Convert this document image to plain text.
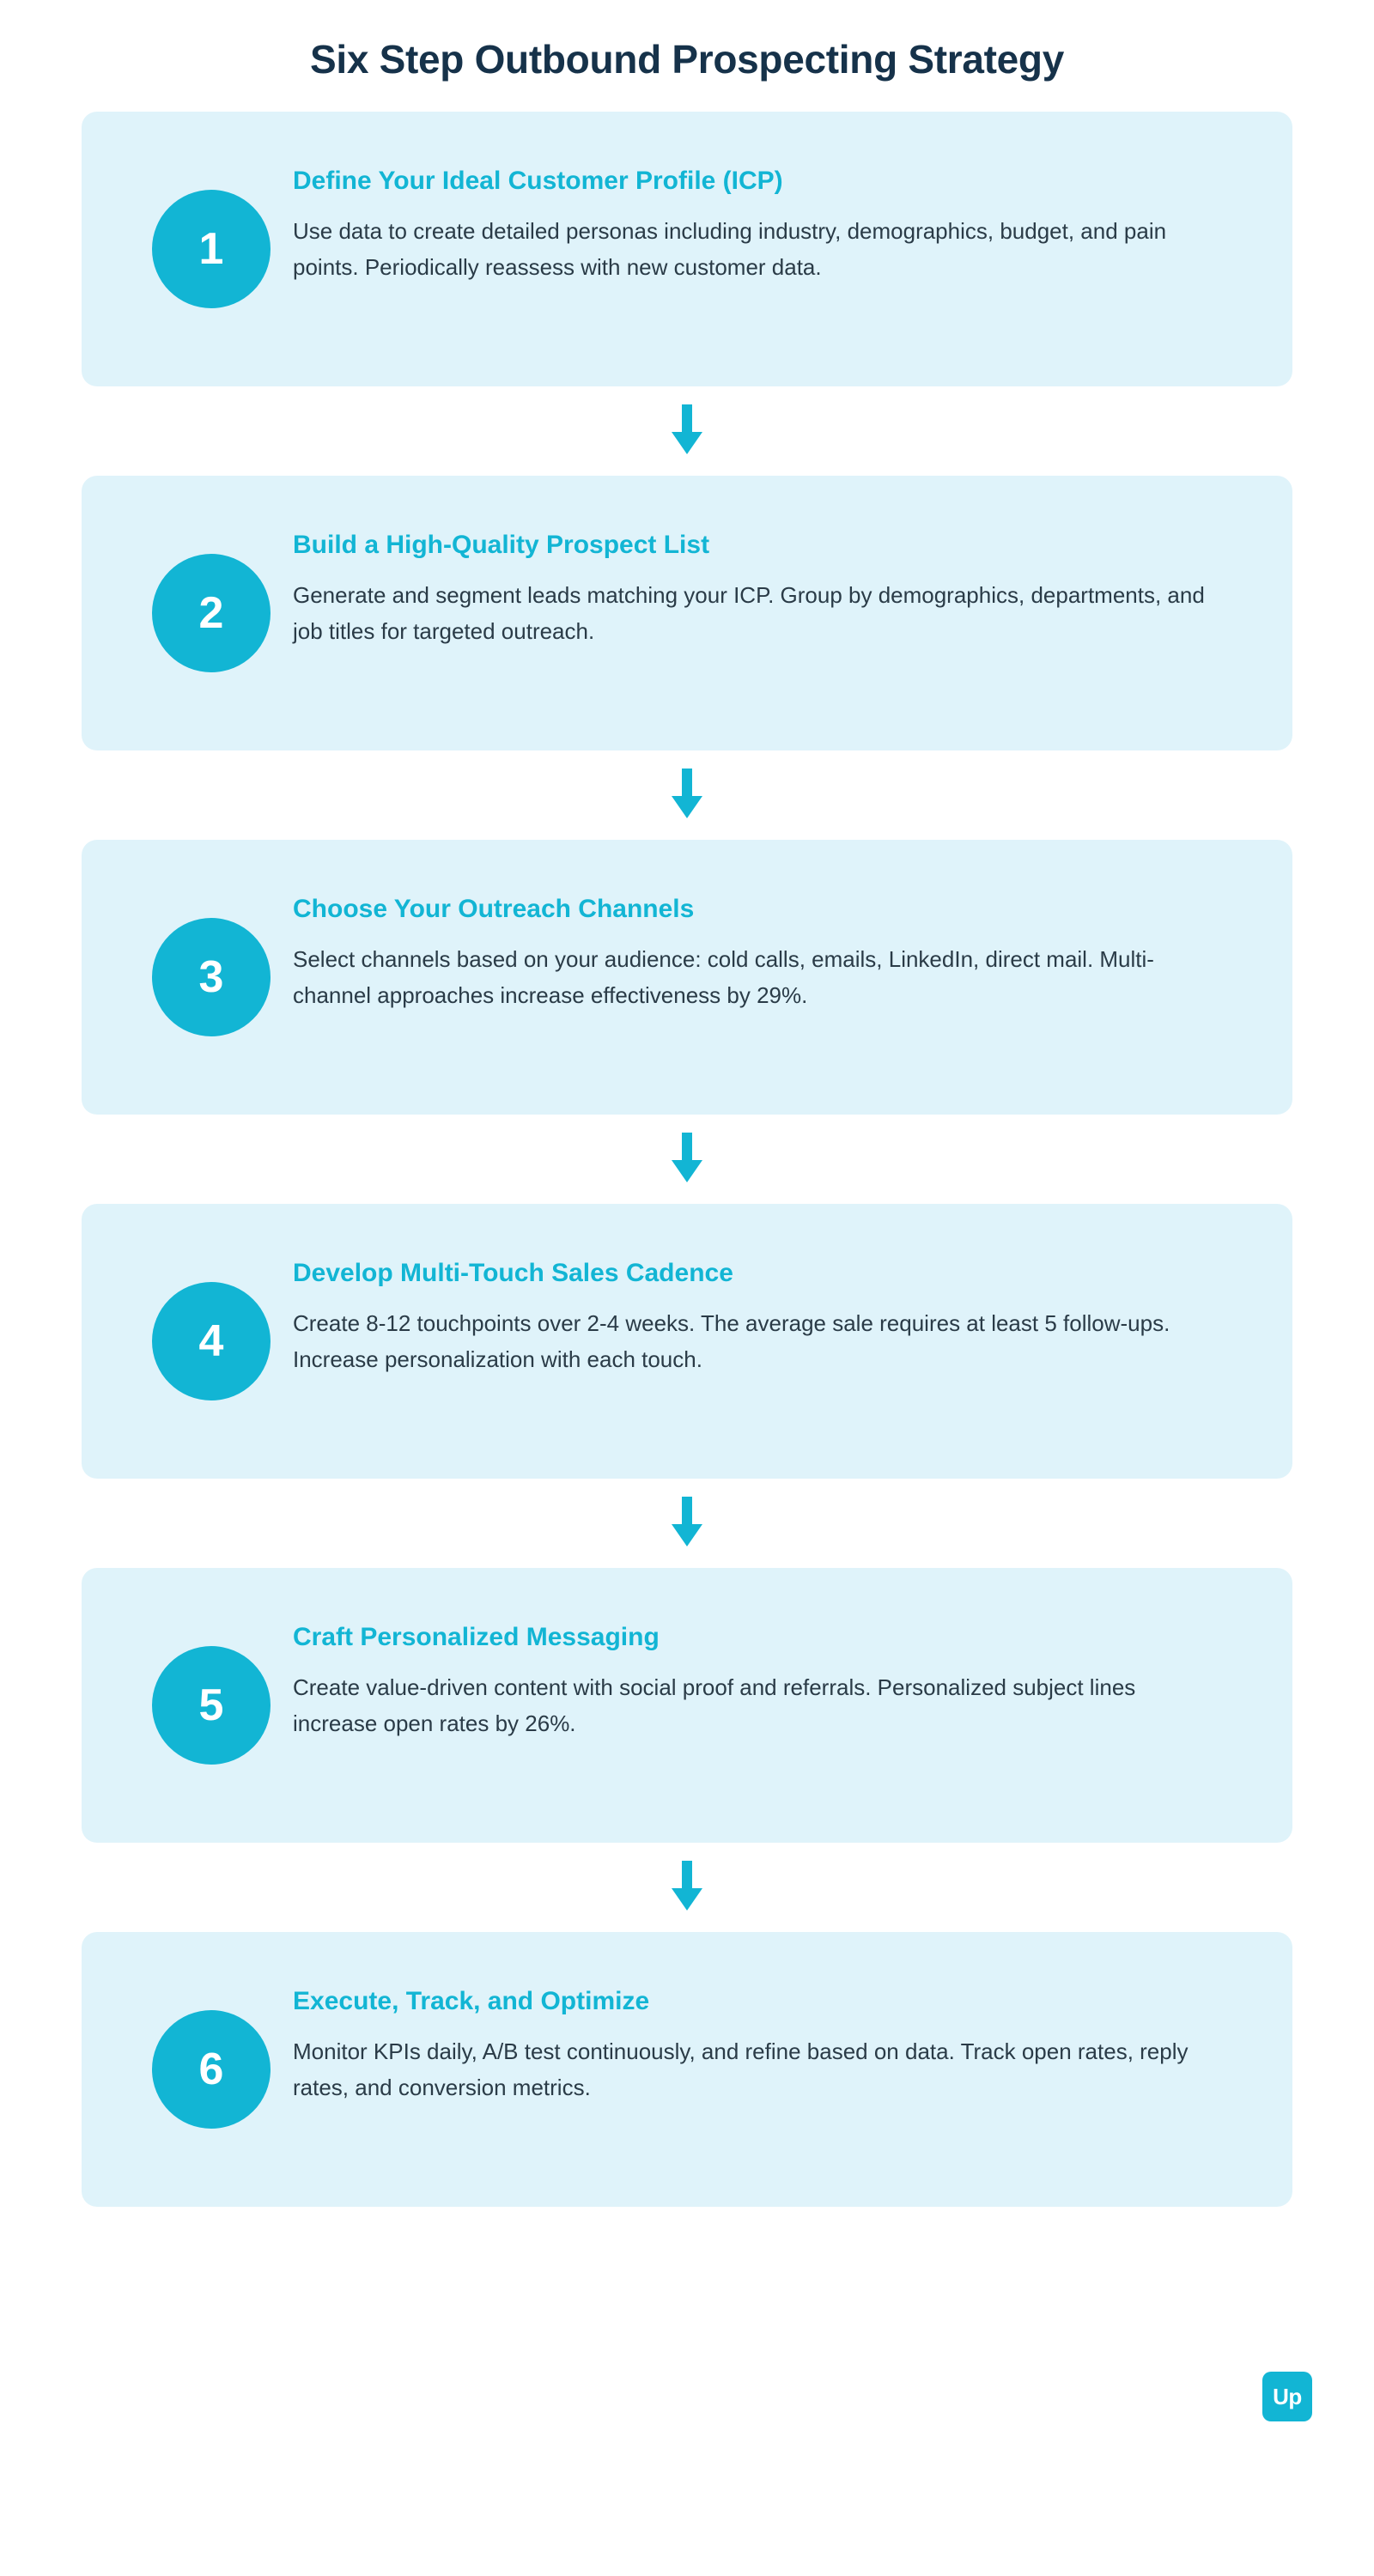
Six Step Outbound Prospecting Strategy
1

Define Your Ideal Customer Profile (ICP)

Use data to create detailed personas including industry, demographics, budget, and pain points. Periodically reassess with new customer data.

2

Build a High-Quality Prospect List

Generate and segment leads matching your ICP. Group by demographics, departments, and job titles for targeted outreach.

3

Choose Your Outreach Channels

Select channels based on your audience: cold calls, emails, LinkedIn, direct mail. Multi-channel approaches increase effectiveness by 29%.

4

Develop Multi-Touch Sales Cadence

Create 8-12 touchpoints over 2-4 weeks. The average sale requires at least 5 follow-ups. Increase personalization with each touch.

5

Craft Personalized Messaging

Create value-driven content with social proof and referrals. Personalized subject lines increase open rates by 26%.

6

Execute, Track, and Optimize

Monitor KPIs daily, A/B test continuously, and refine based on data. Track open rates, reply rates, and conversion metrics.

Up
